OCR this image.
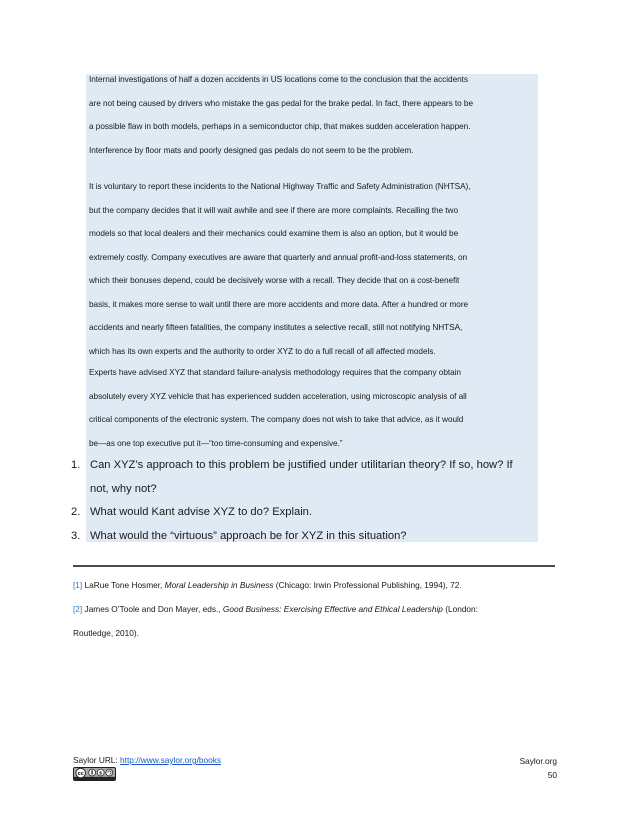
Internal investigations of half a dozen accidents in US locations come to the conclusion that the accidents
are not being caused by drivers who mistake the gas pedal for the brake pedal. In fact, there appears to be
a possible flaw in both models, perhaps in a semiconductor chip, that makes sudden acceleration happen.
Interference by floor mats and poorly designed gas pedals do not seem to be the problem.

It is voluntary to report these incidents to the National Highway Traffic and Safety Administration (NHTSA),
but the company decides that it will wait awhile and see if there are more complaints. Recalling the two
models so that local dealers and their mechanics could examine them is also an option, but it would be
extremely costly. Company executives are aware that quarterly and annual profit-and-loss statements, on
which their bonuses depend, could be decisively worse with a recall. They decide that on a cost-benefit
basis, it makes more sense to wait until there are more accidents and more data. After a hundred or more
accidents and nearly fifteen fatalities, the company institutes a selective recall, still not notifying NHTSA,
which has its own experts and the authority to order XYZ to do a full recall of all affected models.

Experts have advised XYZ that standard failure-analysis methodology requires that the company obtain
absolutely every XYZ vehicle that has experienced sudden acceleration, using microscopic analysis of all
critical components of the electronic system. The company does not wish to take that advice, as it would
be—as one top executive put it—“too time-consuming and expensive.”

1. Can XYZ’s approach to this problem be justified under utilitarian theory? If so, how? If
not, why not?
2. What would Kant advise XYZ to do? Explain.
3. What would the “virtuous” approach be for XYZ in this situation?

[1] LaRue Tone Hosmer, Moral Leadership in Business (Chicago: Irwin Professional Publishing, 1994), 72.

[2] James O’Toole and Don Mayer, eds., Good Business: Exercising Effective and Ethical Leadership (London:
Routledge, 2010).

Saylor URL: http://www.saylor.org/books
cc	$
Saylor.org
50
